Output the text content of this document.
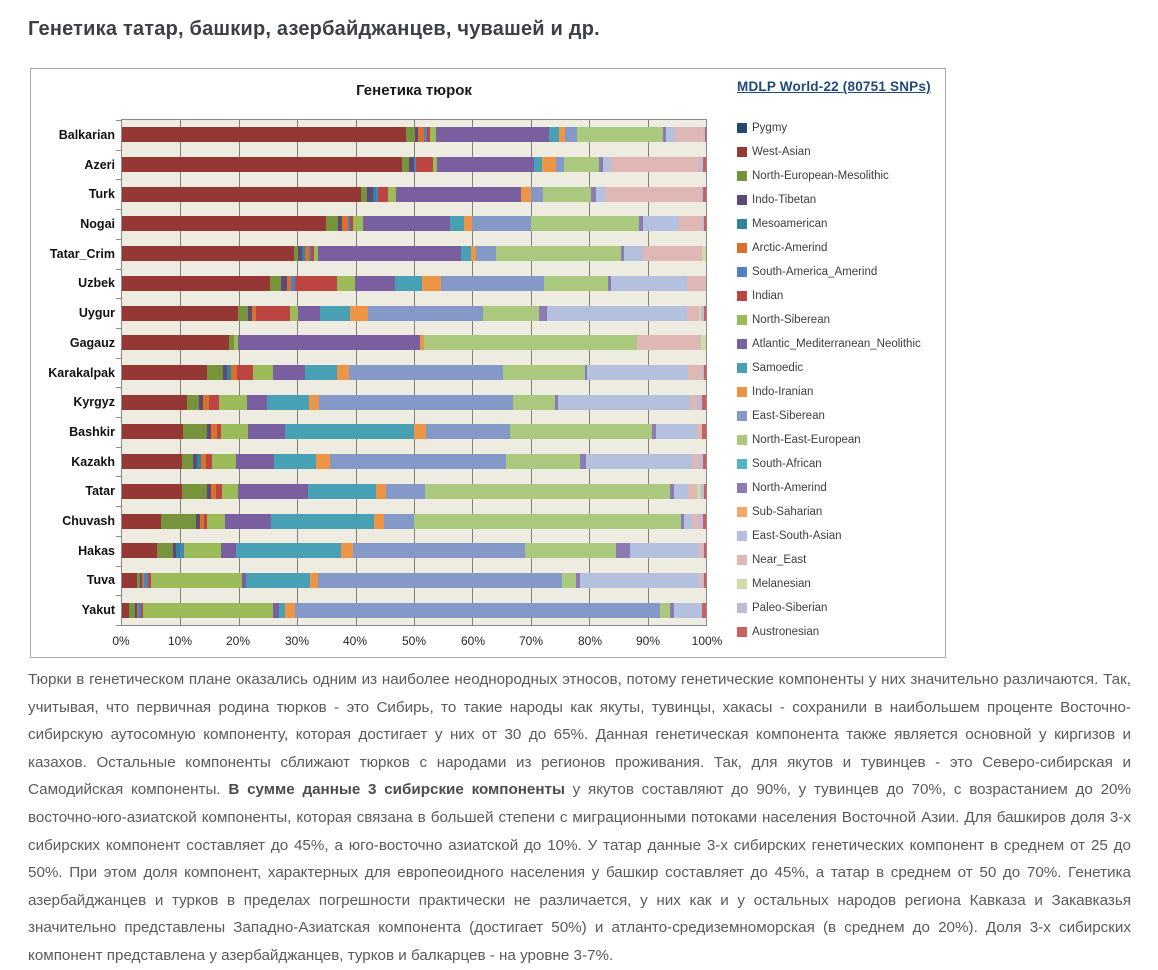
Генетика татар, башкир, азербайджанцев, чувашей и др.
Генетика тюрок
Balkarian
Azeri
Turk
Nogai
Tatar_Crim
Uzbek
Uygur
Gagauz
Karakalpak
Kyrgyz
Bashkir
Kazakh
Tatar
Chuvash
Hakas
Tuva
Yakut
0%	10%	20%	30%	40%	50%	60%	70%	80%	90%	100%
MDLP World-22 (80751 SNPs)
Pygmy
West-Asian
North-European-Mesolithic
Indo-Tibetan
Mesoamerican
Arctic-Amerind
South-America_Amerind
Indian
North-Siberean
Atlantic_Mediterranean_Neolithic
Samoedic
Indo-Iranian
East-Siberean
North-East-European
South-African
North-Amerind
Sub-Saharian
East-South-Asian
Near_East
Melanesian
Paleo-Siberian
Austronesian

Тюрки в генетическом плане оказались одним из наиболее неоднородных этносов, потому генетические компоненты у них значительно различаются. Так, учитывая, что первичная родина тюрков - это Сибирь, то такие народы как якуты, тувинцы, хакасы - сохранили в наибольшем проценте Восточно-сибирскую аутосомную компоненту, которая достигает у них от 30 до 65%. Данная генетическая компонента также является основной у киргизов и казахов. Остальные компоненты сближают тюрков с народами из регионов проживания. Так, для якутов и тувинцев - это Северо-сибирская и Самодийская компоненты. В сумме данные 3 сибирские компоненты у якутов составляют до 90%, у тувинцев до 70%, с возрастанием до 20% восточно-юго-азиатской компоненты, которая связана в большей степени с миграционными потоками населения Восточной Азии. Для башкиров доля 3-х сибирских компонент составляет до 45%, а юго-восточно азиатской до 10%. У татар данные 3-х сибирских генетических компонент в среднем от 25 до 50%. При этом доля компонент, характерных для европеоидного населения у башкир составляет до 45%, а татар в среднем от 50 до 70%. Генетика азербайджанцев и турков в пределах погрешности практически не различается, у них как и у остальных народов региона Кавказа и Закавказья значительно представлены Западно-Азиатская компонента (достигает 50%) и атланто-средиземноморская (в среднем до 20%). Доля 3-х сибирских компонент представлена у азербайджанцев, турков и балкарцев - на уровне 3-7%.
